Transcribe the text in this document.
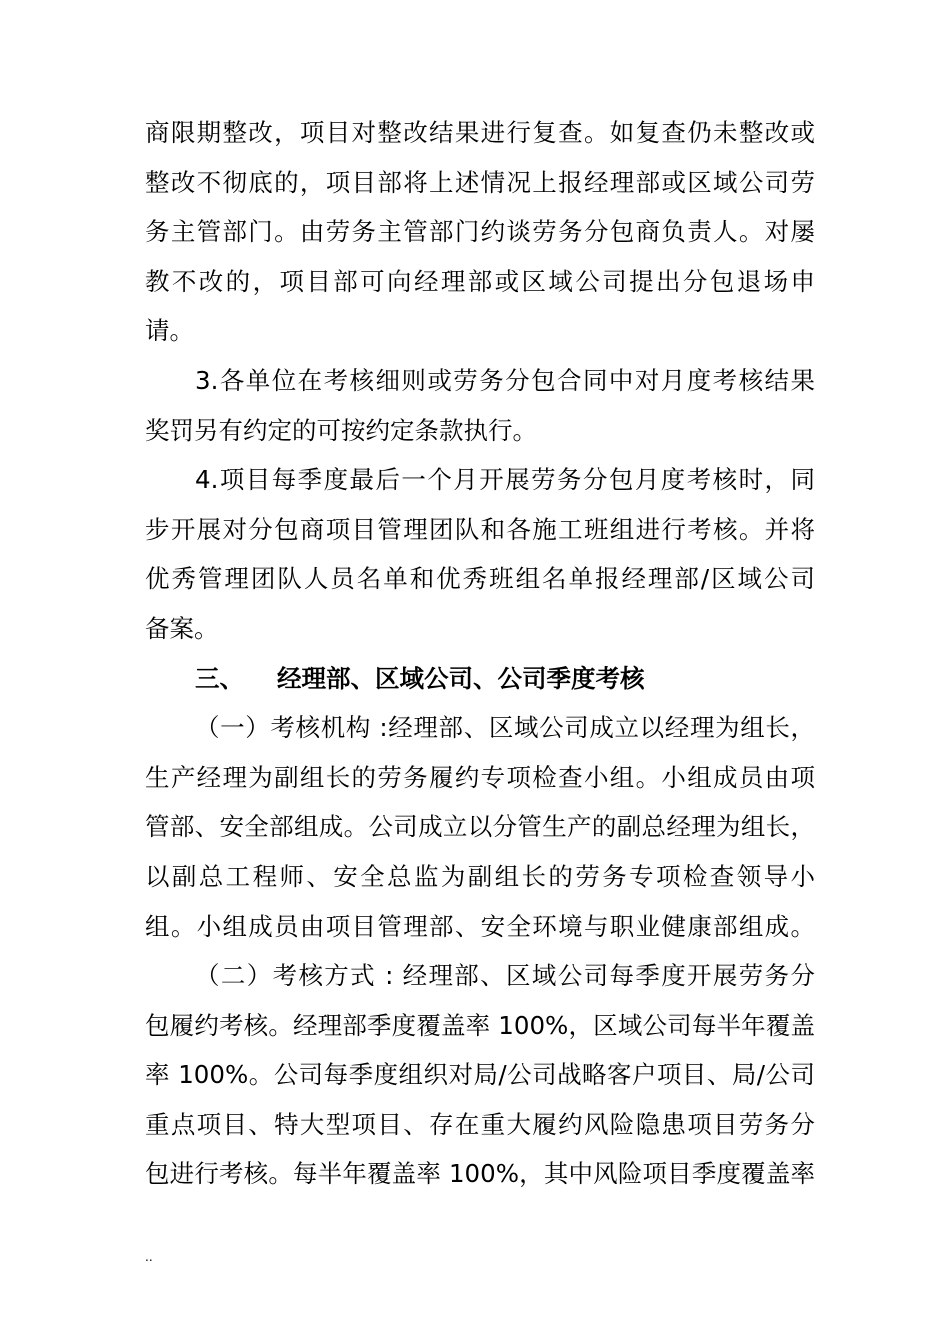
商限期整改，项目对整改结果进行复查。如复查仍未整改或
整改不彻底的，项目部将上述情况上报经理部或区域公司劳
务主管部门。由劳务主管部门约谈劳务分包商负责人。对屡
教不改的，项目部可向经理部或区域公司提出分包退场申
请。
3.各单位在考核细则或劳务分包合同中对月度考核结果
奖罚另有约定的可按约定条款执行。
4.项目每季度最后一个月开展劳务分包月度考核时，同
步开展对分包商项目管理团队和各施工班组进行考核。并将
优秀管理团队人员名单和优秀班组名单报经理部/区域公司
备案。
三、 经理部、区域公司、公司季度考核
（一）考核机构 :经理部、区域公司成立以经理为组长，
生产经理为副组长的劳务履约专项检查小组。小组成员由项
管部、安全部组成。公司成立以分管生产的副总经理为组长，
以副总工程师、安全总监为副组长的劳务专项检查领导小
组。小组成员由项目管理部、安全环境与职业健康部组成。
（二）考核方式 : 经理部、区域公司每季度开展劳务分
包履约考核。经理部季度覆盖率 100%，区域公司每半年覆盖
率 100%。公司每季度组织对局/公司战略客户项目、局/公司
重点项目、特大型项目、存在重大履约风险隐患项目劳务分
包进行考核。每半年覆盖率 100%，其中风险项目季度覆盖率
..
